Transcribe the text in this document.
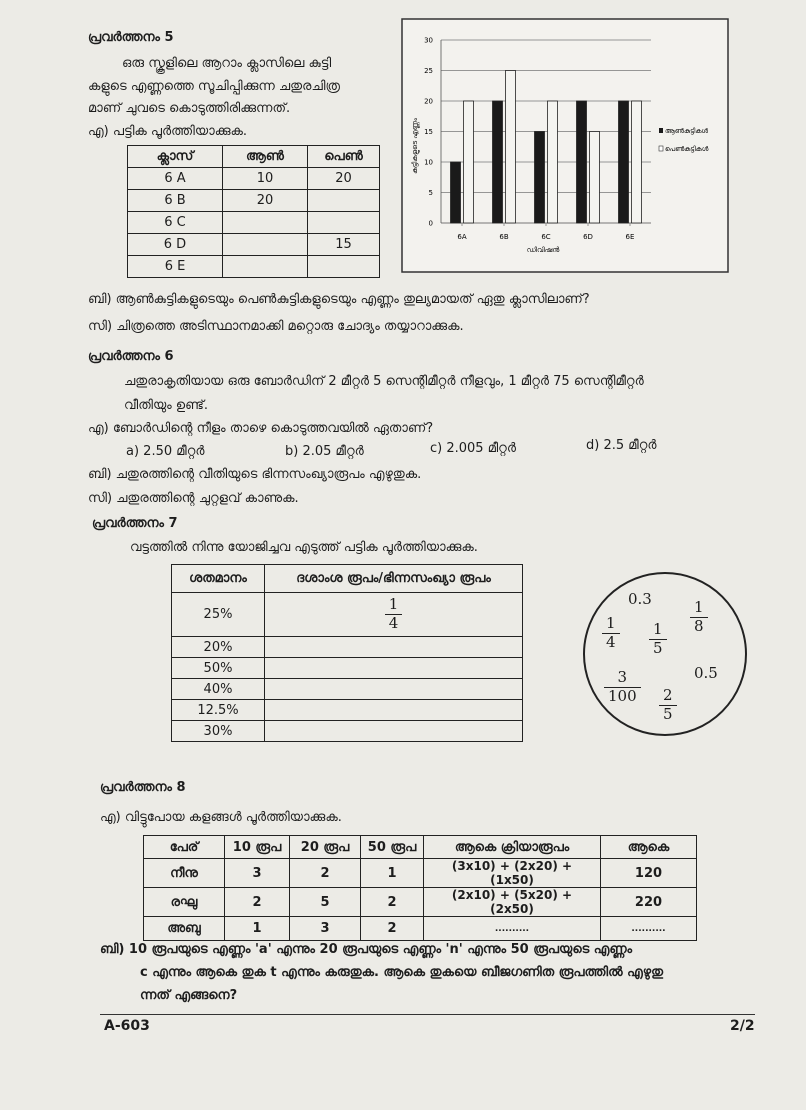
പ്രവർത്തനം 5
ഒരു സ്കൂളിലെ ആറാം ക്ലാസിലെ കുട്ടി
കളുടെ എണ്ണത്തെ സൂചിപ്പിക്കുന്ന ചതുരചിത്ര
മാണ് ചുവടെ കൊടുത്തിരിക്കുന്നത്.
എ) പട്ടിക പൂർത്തിയാക്കുക.
ക്ലാസ്	ആൺ	പെൺ
6 A	10	20
6 B	20	
6 C		
6 D		15
6 E		
0
5
10
15
20
25
30
6A	6B	6C	6D	6E
കുട്ടികളുടെ എണ്ണം
ഡിവിഷൻ
ആൺകുട്ടികൾ
പെൺകുട്ടികൾ
ബി) ആൺകുട്ടികളുടെയും പെൺകുട്ടികളുടെയും എണ്ണം തുല്യമായത് ഏതു ക്ലാസിലാണ്?
സി) ചിത്രത്തെ അടിസ്ഥാനമാക്കി മറ്റൊരു ചോദ്യം തയ്യാറാക്കുക.
പ്രവർത്തനം 6
ചതുരാകൃതിയായ ഒരു ബോർഡിന് 2 മീറ്റർ 5 സെന്റിമീറ്റർ നീളവും, 1 മീറ്റർ 75 സെന്റിമീറ്റർ
വീതിയും ഉണ്ട്.
എ) ബോർഡിന്റെ നീളം താഴെ കൊടുത്തവയിൽ ഏതാണ്?
a) 2.50 മീറ്റർ	b) 2.05 മീറ്റർ	c) 2.005 മീറ്റർ	d) 2.5 മീറ്റർ
ബി) ചതുരത്തിന്റെ വീതിയുടെ ഭിന്നസംഖ്യാരൂപം എഴുതുക.
സി) ചതുരത്തിന്റെ ചുറ്റളവ് കാണുക.
പ്രവർത്തനം 7
വട്ടത്തിൽ നിന്നു യോജിച്ചവ എടുത്ത് പട്ടിക പൂർത്തിയാക്കുക.
ശതമാനം	ദശാംശ രൂപം/ഭിന്നസംഖ്യാ രൂപം
25%	$\frac{1}{4}$

20%	
50%	
40%	
12.5%	
30%	
0.3
$\frac{1}{8}$
$\frac{1}{4} \frac{1}{5}$
0.5
$\frac{3}{100}$
$\frac{2}{5}$
പ്രവർത്തനം 8
എ) വിട്ടുപോയ കളങ്ങൾ പൂർത്തിയാക്കുക.
പേര്	10 രൂപ	20 രൂപ	50 രൂപ	ആകെ ക്രിയാരൂപം	ആകെ
നീനു	3	2	1	(3x10) + (2x20) + (1x50)	120
രഘു	2	5	2	(2x10) + (5x20) + (2x50)	220
അബു	1	3	2	..........	..........
ബി) 10 രൂപയുടെ എണ്ണം 'a' എന്നും 20 രൂപയുടെ എണ്ണം 'n' എന്നും 50 രൂപയുടെ എണ്ണം
c എന്നും ആകെ തുക t എന്നും കരുതുക. ആകെ തുകയെ ബീജഗണിത രൂപത്തിൽ എഴുതു
ന്നത് എങ്ങനെ?
A-603	2/2
